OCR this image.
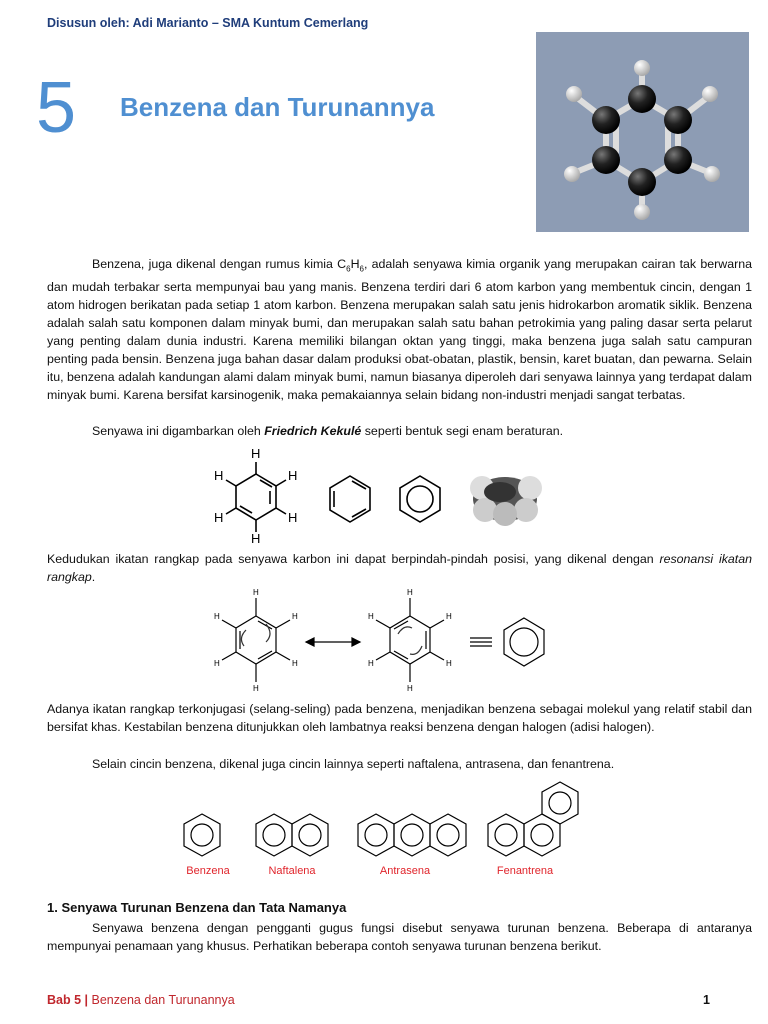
Disusun oleh: Adi Marianto – SMA Kuntum Cemerlang
5 Benzena dan Turunannya
Benzena, juga dikenal dengan rumus kimia $C_6H_6$, adalah senyawa kimia organik yang merupakan cairan tak berwarna dan mudah terbakar serta mempunyai bau yang manis. Benzena terdiri dari 6 atom karbon yang membentuk cincin, dengan 1 atom hidrogen berikatan pada setiap 1 atom karbon. Benzena merupakan salah satu jenis hidrokarbon aromatik siklik. Benzena adalah salah satu komponen dalam minyak bumi, dan merupakan salah satu bahan petrokimia yang paling dasar serta pelarut yang penting dalam dunia industri. Karena memiliki bilangan oktan yang tinggi, maka benzena juga salah satu campuran penting pada bensin. Benzena juga bahan dasar dalam produksi obat-obatan, plastik, bensin, karet buatan, dan pewarna. Selain itu, benzena adalah kandungan alami dalam minyak bumi, namun biasanya diperoleh dari senyawa lainnya yang terdapat dalam minyak bumi. Karena bersifat karsinogenik, maka pemakaiannya selain bidang non-industri menjadi sangat terbatas.
Senyawa ini digambarkan oleh Friedrich Kekulé seperti bentuk segi enam beraturan.
H
H
H
H
H
H
Kedudukan ikatan rangkap pada senyawa karbon ini dapat berpindah-pindah posisi, yang dikenal dengan resonansi ikatan rangkap.
H
H
H
H
H
H
H
H
H
H
H
H
Adanya ikatan rangkap terkonjugasi (selang-seling) pada benzena, menjadikan benzena sebagai molekul yang relatif stabil dan bersifat khas. Kestabilan benzena ditunjukkan oleh lambatnya reaksi benzena dengan halogen (adisi halogen).
Selain cincin benzena, dikenal juga cincin lainnya seperti naftalena, antrasena, dan fenantrena.
Benzena	Naftalena	Antrasena	Fenantrena
1. Senyawa Turunan Benzena dan Tata Namanya
Senyawa benzena dengan pengganti gugus fungsi disebut senyawa turunan benzena. Beberapa di antaranya mempunyai penamaan yang khusus. Perhatikan beberapa contoh senyawa turunan benzena berikut.
Bab 5 | Benzena dan Turunannya	1
